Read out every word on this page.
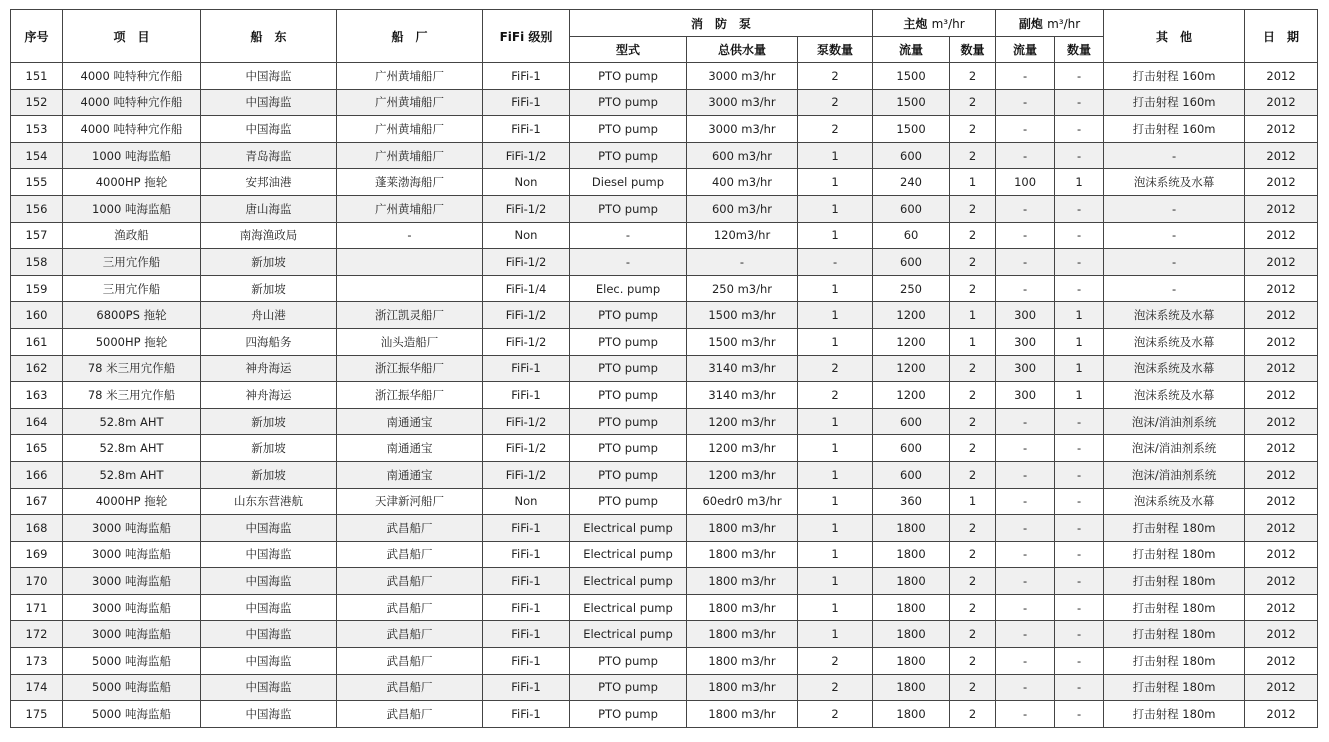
序号	项　目	船　东	船　厂	FiFi 级别	消　防　泵			主炮 m³/hr		副炮 m³/hr		其　他	日　期
					型式	总供水量	泵数量	流量	数量	流量	数量		
151	4000 吨特种宂作船	中国海监	广州黄埔船厂	FiFi-1	PTO pump	3000 m3/hr	2	1500	2	-	-	打击射程 160m	2012
152	4000 吨特种宂作船	中国海监	广州黄埔船厂	FiFi-1	PTO pump	3000 m3/hr	2	1500	2	-	-	打击射程 160m	2012
153	4000 吨特种宂作船	中国海监	广州黄埔船厂	FiFi-1	PTO pump	3000 m3/hr	2	1500	2	-	-	打击射程 160m	2012
154	1000 吨海监船	青岛海监	广州黄埔船厂	FiFi-1/2	PTO pump	600 m3/hr	1	600	2	-	-	-	2012
155	4000HP 拖轮	安邦油港	蓬莱渤海船厂	Non	Diesel pump	400 m3/hr	1	240	1	100	1	泡沫系统及水幕	2012
156	1000 吨海监船	唐山海监	广州黄埔船厂	FiFi-1/2	PTO pump	600 m3/hr	1	600	2	-	-	-	2012
157	渔政船	南海渔政局	-	Non	-	120m3/hr	1	60	2	-	-	-	2012
158	三用宂作船	新加坡		FiFi-1/2	-	-	-	600	2	-	-	-	2012
159	三用宂作船	新加坡		FiFi-1/4	Elec. pump	250 m3/hr	1	250	2	-	-	-	2012
160	6800PS 拖轮	舟山港	浙江凯灵船厂	FiFi-1/2	PTO pump	1500 m3/hr	1	1200	1	300	1	泡沫系统及水幕	2012
161	5000HP 拖轮	四海船务	汕头造船厂	FiFi-1/2	PTO pump	1500 m3/hr	1	1200	1	300	1	泡沫系统及水幕	2012
162	78 米三用宂作船	神舟海运	浙江振华船厂	FiFi-1	PTO pump	3140 m3/hr	2	1200	2	300	1	泡沫系统及水幕	2012
163	78 米三用宂作船	神舟海运	浙江振华船厂	FiFi-1	PTO pump	3140 m3/hr	2	1200	2	300	1	泡沫系统及水幕	2012
164	52.8m AHT	新加坡	南通通宝	FiFi-1/2	PTO pump	1200 m3/hr	1	600	2	-	-	泡沫/消油剂系统	2012
165	52.8m AHT	新加坡	南通通宝	FiFi-1/2	PTO pump	1200 m3/hr	1	600	2	-	-	泡沫/消油剂系统	2012
166	52.8m AHT	新加坡	南通通宝	FiFi-1/2	PTO pump	1200 m3/hr	1	600	2	-	-	泡沫/消油剂系统	2012
167	4000HP 拖轮	山东东营港航	天津新河船厂	Non	PTO pump	60edr0 m3/hr	1	360	1	-	-	泡沫系统及水幕	2012
168	3000 吨海监船	中国海监	武昌船厂	FiFi-1	Electrical pump	1800 m3/hr	1	1800	2	-	-	打击射程 180m	2012
169	3000 吨海监船	中国海监	武昌船厂	FiFi-1	Electrical pump	1800 m3/hr	1	1800	2	-	-	打击射程 180m	2012
170	3000 吨海监船	中国海监	武昌船厂	FiFi-1	Electrical pump	1800 m3/hr	1	1800	2	-	-	打击射程 180m	2012
171	3000 吨海监船	中国海监	武昌船厂	FiFi-1	Electrical pump	1800 m3/hr	1	1800	2	-	-	打击射程 180m	2012
172	3000 吨海监船	中国海监	武昌船厂	FiFi-1	Electrical pump	1800 m3/hr	1	1800	2	-	-	打击射程 180m	2012
173	5000 吨海监船	中国海监	武昌船厂	FiFi-1	PTO pump	1800 m3/hr	2	1800	2	-	-	打击射程 180m	2012
174	5000 吨海监船	中国海监	武昌船厂	FiFi-1	PTO pump	1800 m3/hr	2	1800	2	-	-	打击射程 180m	2012
175	5000 吨海监船	中国海监	武昌船厂	FiFi-1	PTO pump	1800 m3/hr	2	1800	2	-	-	打击射程 180m	2012
